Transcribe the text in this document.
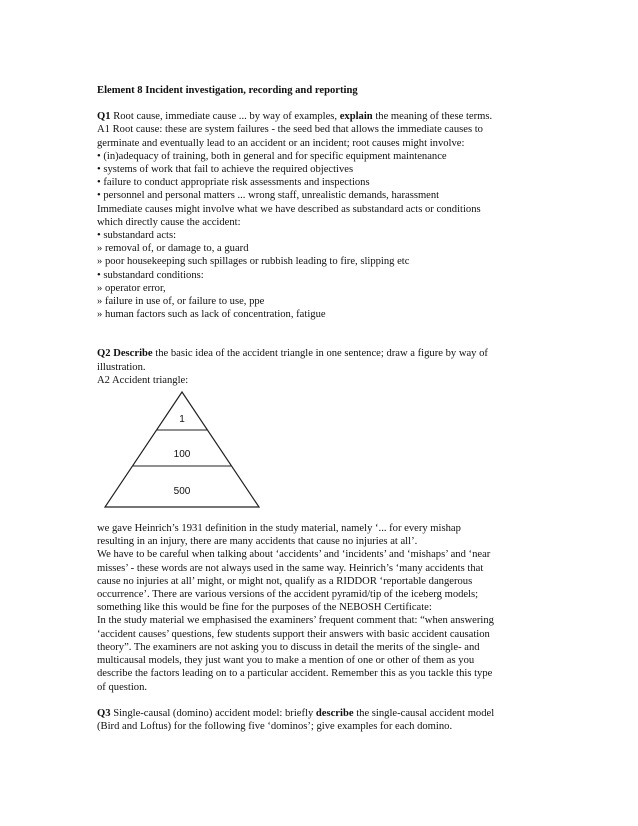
Element 8 Incident investigation, recording and reporting
Q1 Root cause, immediate cause ... by way of examples, explain the meaning of these terms.
A1 Root cause: these are system failures - the seed bed that allows the immediate causes to
germinate and eventually lead to an accident or an incident; root causes might involve:
• (in)adequacy of training, both in general and for specific equipment maintenance
• systems of work that fail to achieve the required objectives
• failure to conduct appropriate risk assessments and inspections
• personnel and personal matters ... wrong staff, unrealistic demands, harassment
Immediate causes might involve what we have described as substandard acts or conditions
which directly cause the accident:
• substandard acts:
» removal of, or damage to, a guard
» poor housekeeping such spillages or rubbish leading to fire, slipping etc
• substandard conditions:
» operator error,
» failure in use of, or failure to use, ppe
» human factors such as lack of concentration, fatigue
Q2 Describe the basic idea of the accident triangle in one sentence; draw a figure by way of
illustration.
A2 Accident triangle:
1
100
500
we gave Heinrich’s 1931 definition in the study material, namely ‘... for every mishap
resulting in an injury, there are many accidents that cause no injuries at all’.
We have to be careful when talking about ‘accidents’ and ‘incidents’ and ‘mishaps’ and ‘near
misses’ - these words are not always used in the same way. Heinrich’s ‘many accidents that
cause no injuries at all’ might, or might not, qualify as a RIDDOR ‘reportable dangerous
occurrence’. There are various versions of the accident pyramid/tip of the iceberg models;
something like this would be fine for the purposes of the NEBOSH Certificate:
In the study material we emphasised the examiners’ frequent comment that: “when answering
‘accident causes’ questions, few students support their answers with basic accident causation
theory”. The examiners are not asking you to discuss in detail the merits of the single- and
multicausal models, they just want you to make a mention of one or other of them as you
describe the factors leading on to a particular accident. Remember this as you tackle this type
of question.
Q3 Single-causal (domino) accident model: briefly describe the single-causal accident model
(Bird and Loftus) for the following five ‘dominos’; give examples for each domino.
